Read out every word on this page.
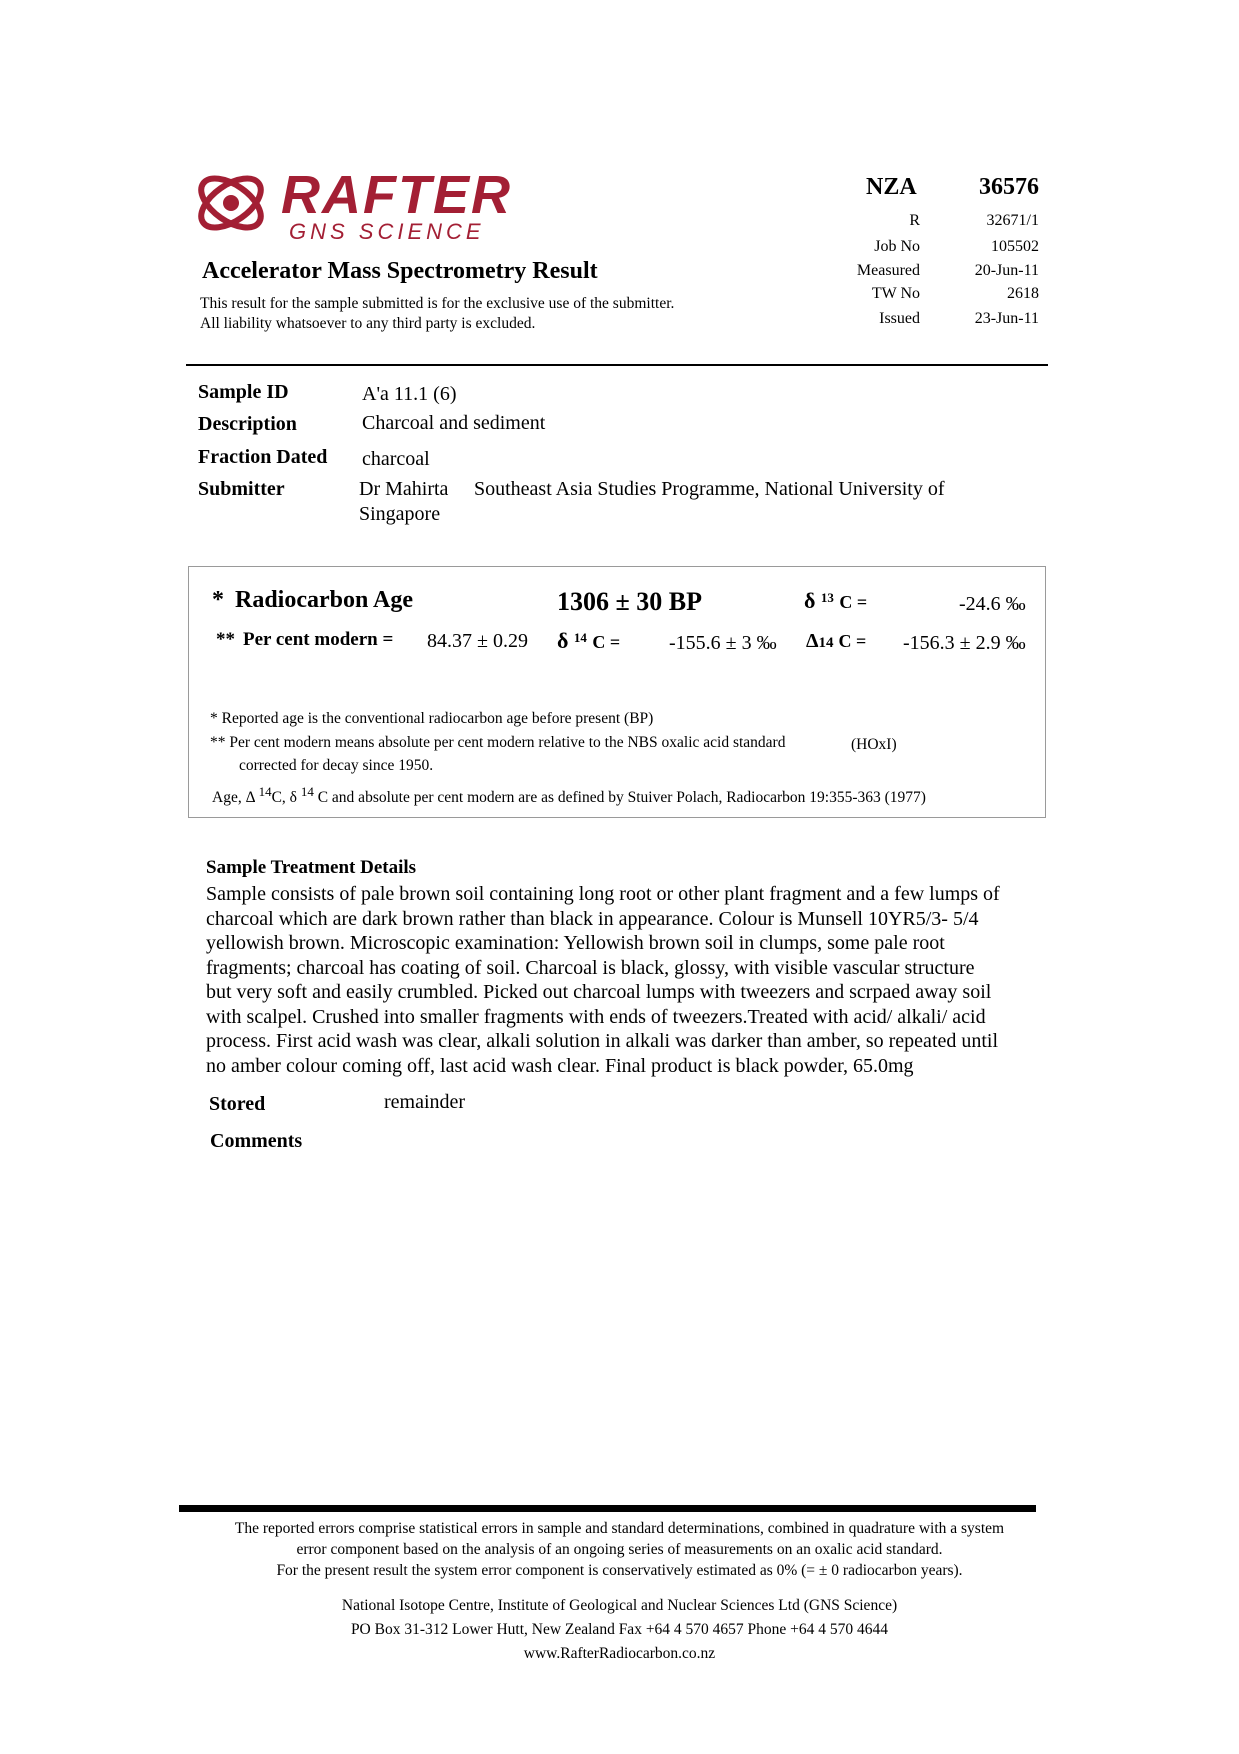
RAFTER
GNS SCIENCE
Accelerator Mass Spectrometry Result
This result for the sample submitted is for the exclusive use of the submitter.
All liability whatsoever to any third party is excluded.
NZA	36576
R	32671/1
Job No	105502
Measured	20-Jun-11
TW No	2618
Issued	23-Jun-11
Sample ID	A'a 11.1 (6)
Description	Charcoal and sediment
Fraction Dated charcoal
Submitter	Dr Mahirta Southeast Asia Studies Programme, National University of
Singapore
* Radiocarbon Age	1306 ± 30 BP	δ $^{13}$ C =	-24.6 ‰
** Per cent modern = 84.37 ± 0.29 δ $^{14}$ C = -155.6 ± 3 ‰ Δ14 C = -156.3 ± 2.9 ‰
* Reported age is the conventional radiocarbon age before present (BP)
** Per cent modern means absolute per cent modern relative to the NBS oxalic acid standard	(HOxI)
corrected for decay since 1950.
Age, Δ $^{14}$C, δ $^{14}$ C and absolute per cent modern are as defined by Stuiver Polach, Radiocarbon 19:355-363 (1977)
Sample Treatment Details
Sample consists of pale brown soil containing long root or other plant fragment and a few lumps of
charcoal which are dark brown rather than black in appearance. Colour is Munsell 10YR5/3- 5/4
yellowish brown. Microscopic examination: Yellowish brown soil in clumps, some pale root
fragments; charcoal has coating of soil. Charcoal is black, glossy, with visible vascular structure
but very soft and easily crumbled. Picked out charcoal lumps with tweezers and scrpaed away soil
with scalpel. Crushed into smaller fragments with ends of tweezers.Treated with acid/ alkali/ acid
process. First acid wash was clear, alkali solution in alkali was darker than amber, so repeated until
no amber colour coming off, last acid wash clear. Final product is black powder, 65.0mg
Stored	remainder
Comments
The reported errors comprise statistical errors in sample and standard determinations, combined in quadrature with a system
error component based on the analysis of an ongoing series of measurements on an oxalic acid standard.
For the present result the system error component is conservatively estimated as 0% (= ± 0 radiocarbon years).
National Isotope Centre, Institute of Geological and Nuclear Sciences Ltd (GNS Science)
PO Box 31-312 Lower Hutt, New Zealand Fax +64 4 570 4657 Phone +64 4 570 4644
www.RafterRadiocarbon.co.nz
